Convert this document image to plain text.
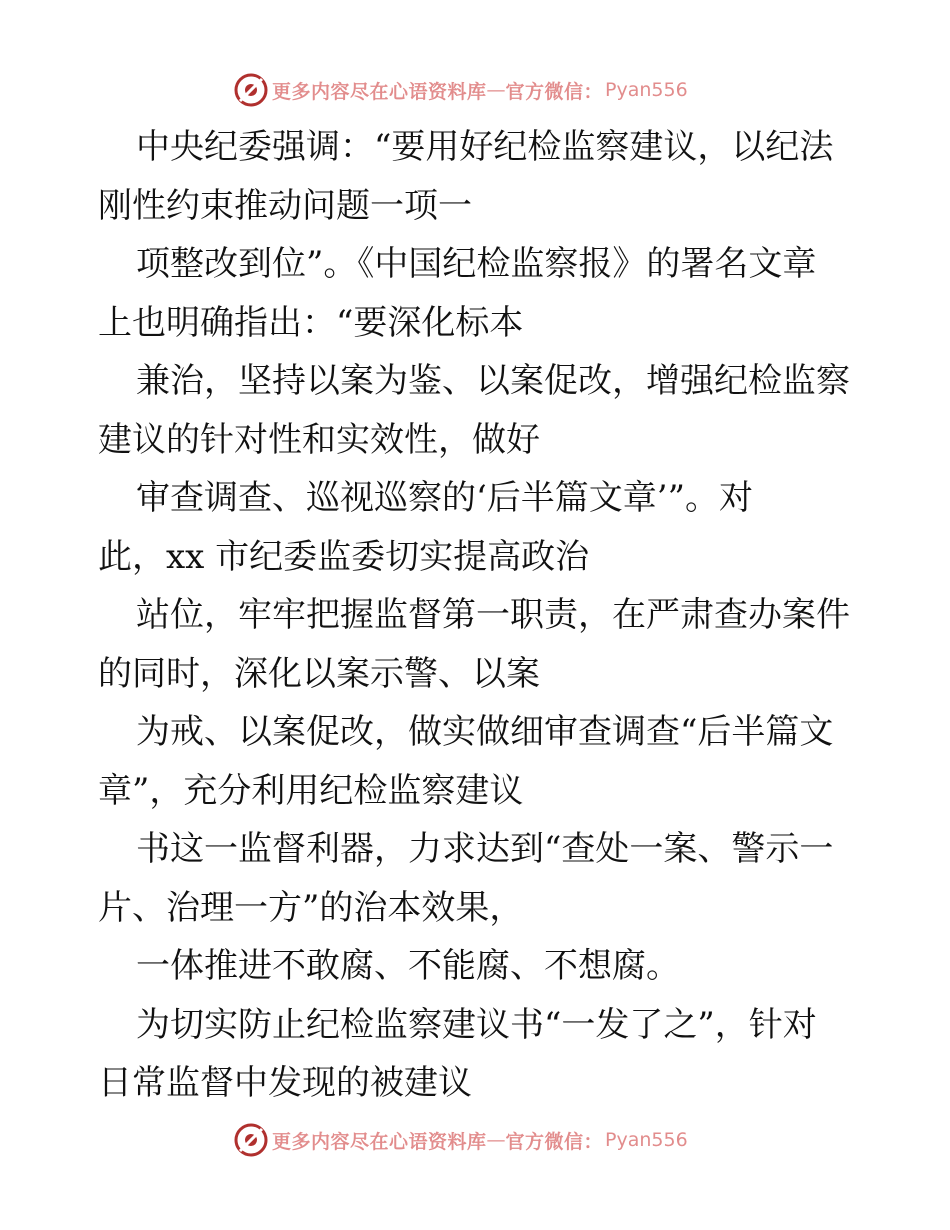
更多内容尽在心语资料库 — 官方微信： Pyan556
中央纪委强调：“要用好纪检监察建议，以纪法
刚性约束推动问题一项一
项整改到位”。《中国纪检监察报》的署名文章
上也明确指出：“要深化标本
兼治，坚持以案为鉴、以案促改，增强纪检监察
建议的针对性和实效性，做好
审查调查、巡视巡察的‘后半篇文章’”。对
此，xx 市纪委监委切实提高政治
站位，牢牢把握监督第一职责，在严肃查办案件
的同时，深化以案示警、以案
为戒、以案促改，做实做细审查调查“后半篇文
章”，充分利用纪检监察建议
书这一监督利器，力求达到“查处一案、警示一
片、治理一方”的治本效果，
一体推进不敢腐、不能腐、不想腐。
为切实防止纪检监察建议书“一发了之”，针对
日常监督中发现的被建议
更多内容尽在心语资料库 — 官方微信： Pyan556
